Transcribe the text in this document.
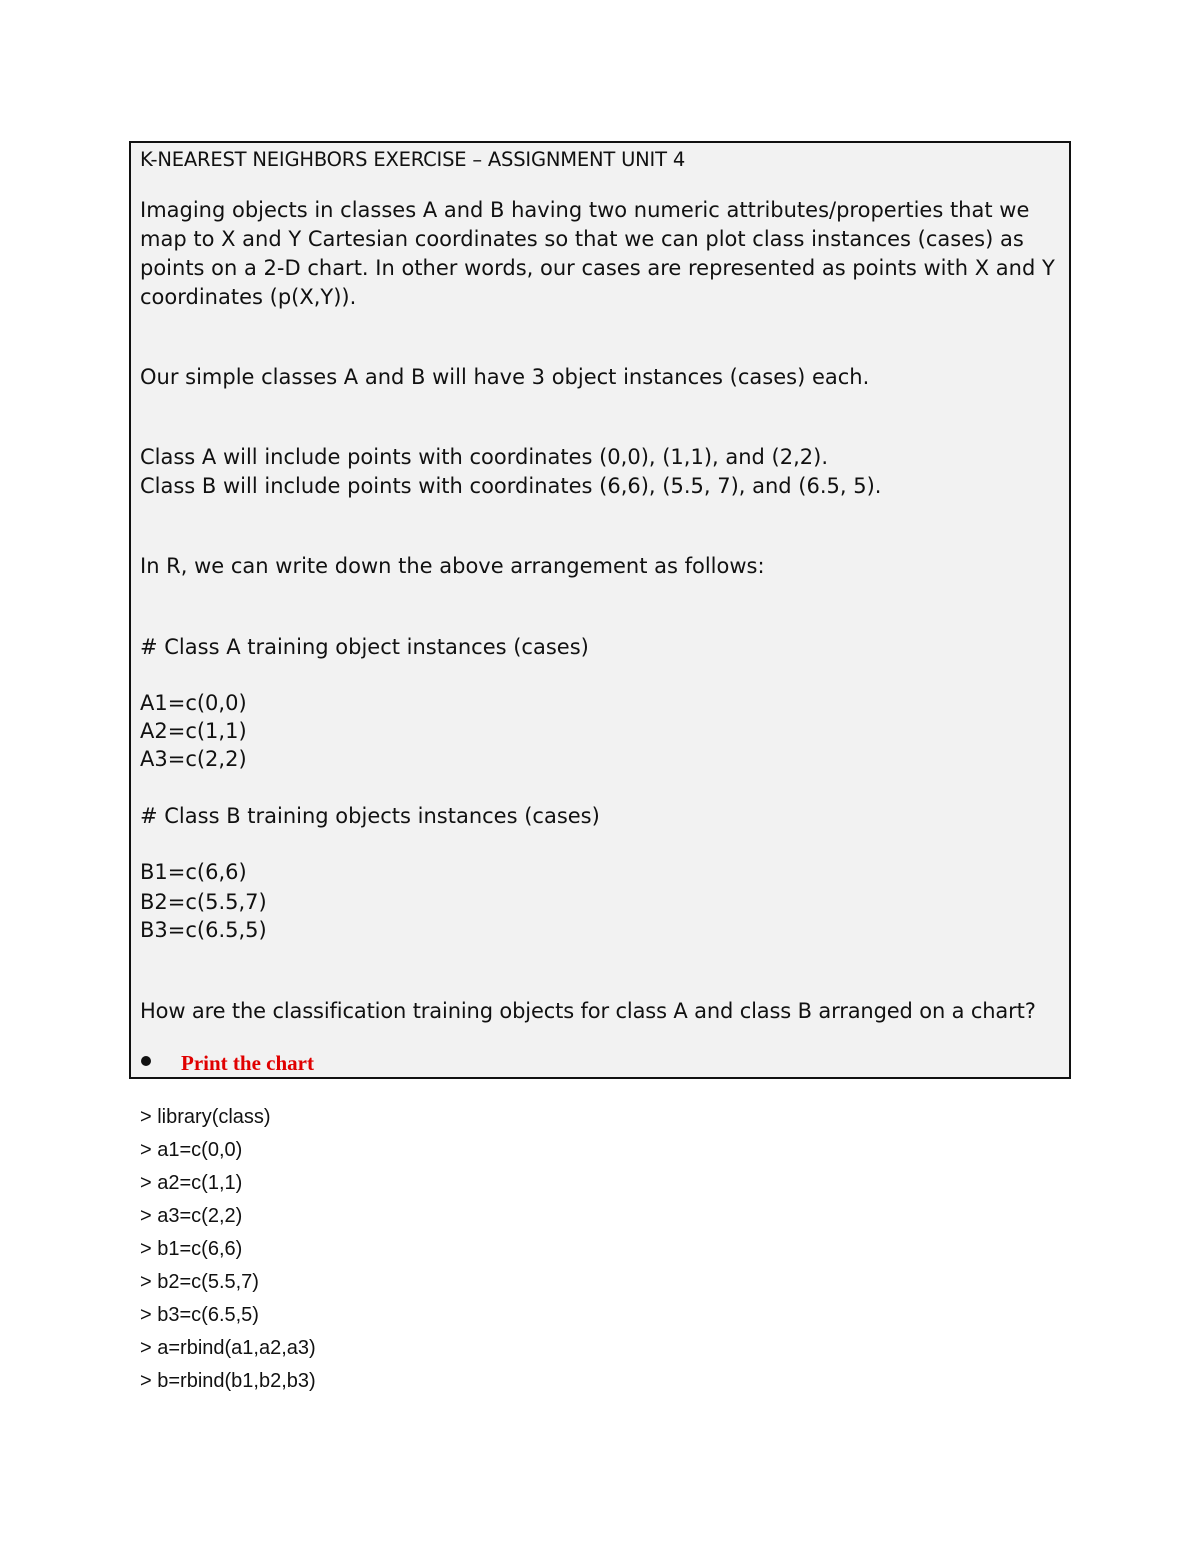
K-NEAREST NEIGHBORS EXERCISE – ASSIGNMENT UNIT 4

Imaging objects in classes A and B having two numeric attributes/properties that we

map to X and Y Cartesian coordinates so that we can plot class instances (cases) as

points on a 2-D chart. In other words, our cases are represented as points with X and Y

coordinates (p(X,Y)).

Our simple classes A and B will have 3 object instances (cases) each.

Class A will include points with coordinates (0,0), (1,1), and (2,2).

Class B will include points with coordinates (6,6), (5.5, 7), and (6.5, 5).

In R, we can write down the above arrangement as follows:

# Class A training object instances (cases)

A1=c(0,0)

A2=c(1,1)

A3=c(2,2)

# Class B training objects instances (cases)

B1=c(6,6)

B2=c(5.5,7)

B3=c(6.5,5)

How are the classification training objects for class A and class B arranged on a chart?

Print the chart

> library(class)

> a1=c(0,0)

> a2=c(1,1)

> a3=c(2,2)

> b1=c(6,6)

> b2=c(5.5,7)

> b3=c(6.5,5)

> a=rbind(a1,a2,a3)

> b=rbind(b1,b2,b3)
